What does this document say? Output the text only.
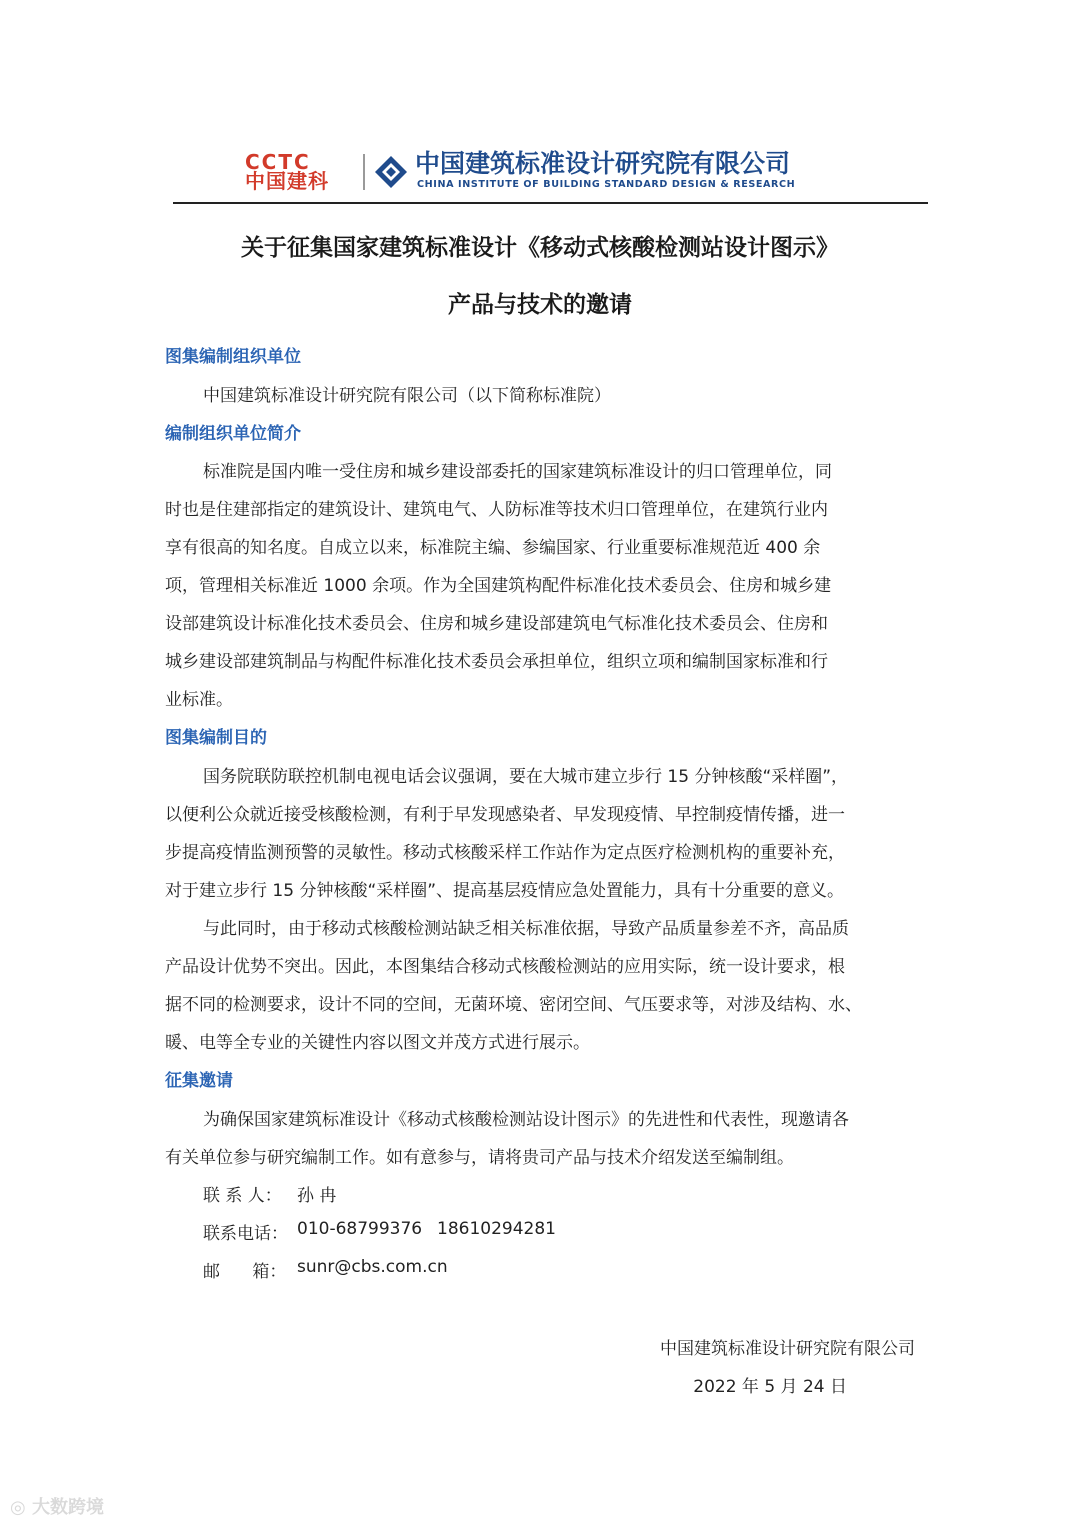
CCTC
中国建科
中国建筑标准设计研究院有限公司
CHINA INSTITUTE OF BUILDING STANDARD DESIGN & RESEARCH
关于征集国家建筑标准设计《移动式核酸检测站设计图示》
产品与技术的邀请
图集编制组织单位
中国建筑标准设计研究院有限公司（以下简称标准院）
编制组织单位简介
标准院是国内唯一受住房和城乡建设部委托的国家建筑标准设计的归口管理单位，同
时也是住建部指定的建筑设计、建筑电气、人防标准等技术归口管理单位，在建筑行业内
享有很高的知名度。自成立以来，标准院主编、参编国家、行业重要标准规范近 400 余
项，管理相关标准近 1000 余项。作为全国建筑构配件标准化技术委员会、住房和城乡建
设部建筑设计标准化技术委员会、住房和城乡建设部建筑电气标准化技术委员会、住房和
城乡建设部建筑制品与构配件标准化技术委员会承担单位，组织立项和编制国家标准和行
业标准。
图集编制目的
国务院联防联控机制电视电话会议强调，要在大城市建立步行 15 分钟核酸“采样圈”，
以便利公众就近接受核酸检测，有利于早发现感染者、早发现疫情、早控制疫情传播，进一
步提高疫情监测预警的灵敏性。移动式核酸采样工作站作为定点医疗检测机构的重要补充，
对于建立步行 15 分钟核酸“采样圈”、提高基层疫情应急处置能力，具有十分重要的意义。
与此同时，由于移动式核酸检测站缺乏相关标准依据，导致产品质量参差不齐，高品质
产品设计优势不突出。因此，本图集结合移动式核酸检测站的应用实际，统一设计要求，根
据不同的检测要求，设计不同的空间，无菌环境、密闭空间、气压要求等，对涉及结构、水、
暖、电等全专业的关键性内容以图文并茂方式进行展示。
征集邀请
为确保国家建筑标准设计《移动式核酸检测站设计图示》的先进性和代表性，现邀请各
有关单位参与研究编制工作。如有意参与，请将贵司产品与技术介绍发送至编制组。
联 系 人： 孙 冉
联系电话： 010-68799376 18610294281
邮      箱： sunr@cbs.com.cn
中国建筑标准设计研究院有限公司
2022 年 5 月 24 日
◎ 大数跨境
